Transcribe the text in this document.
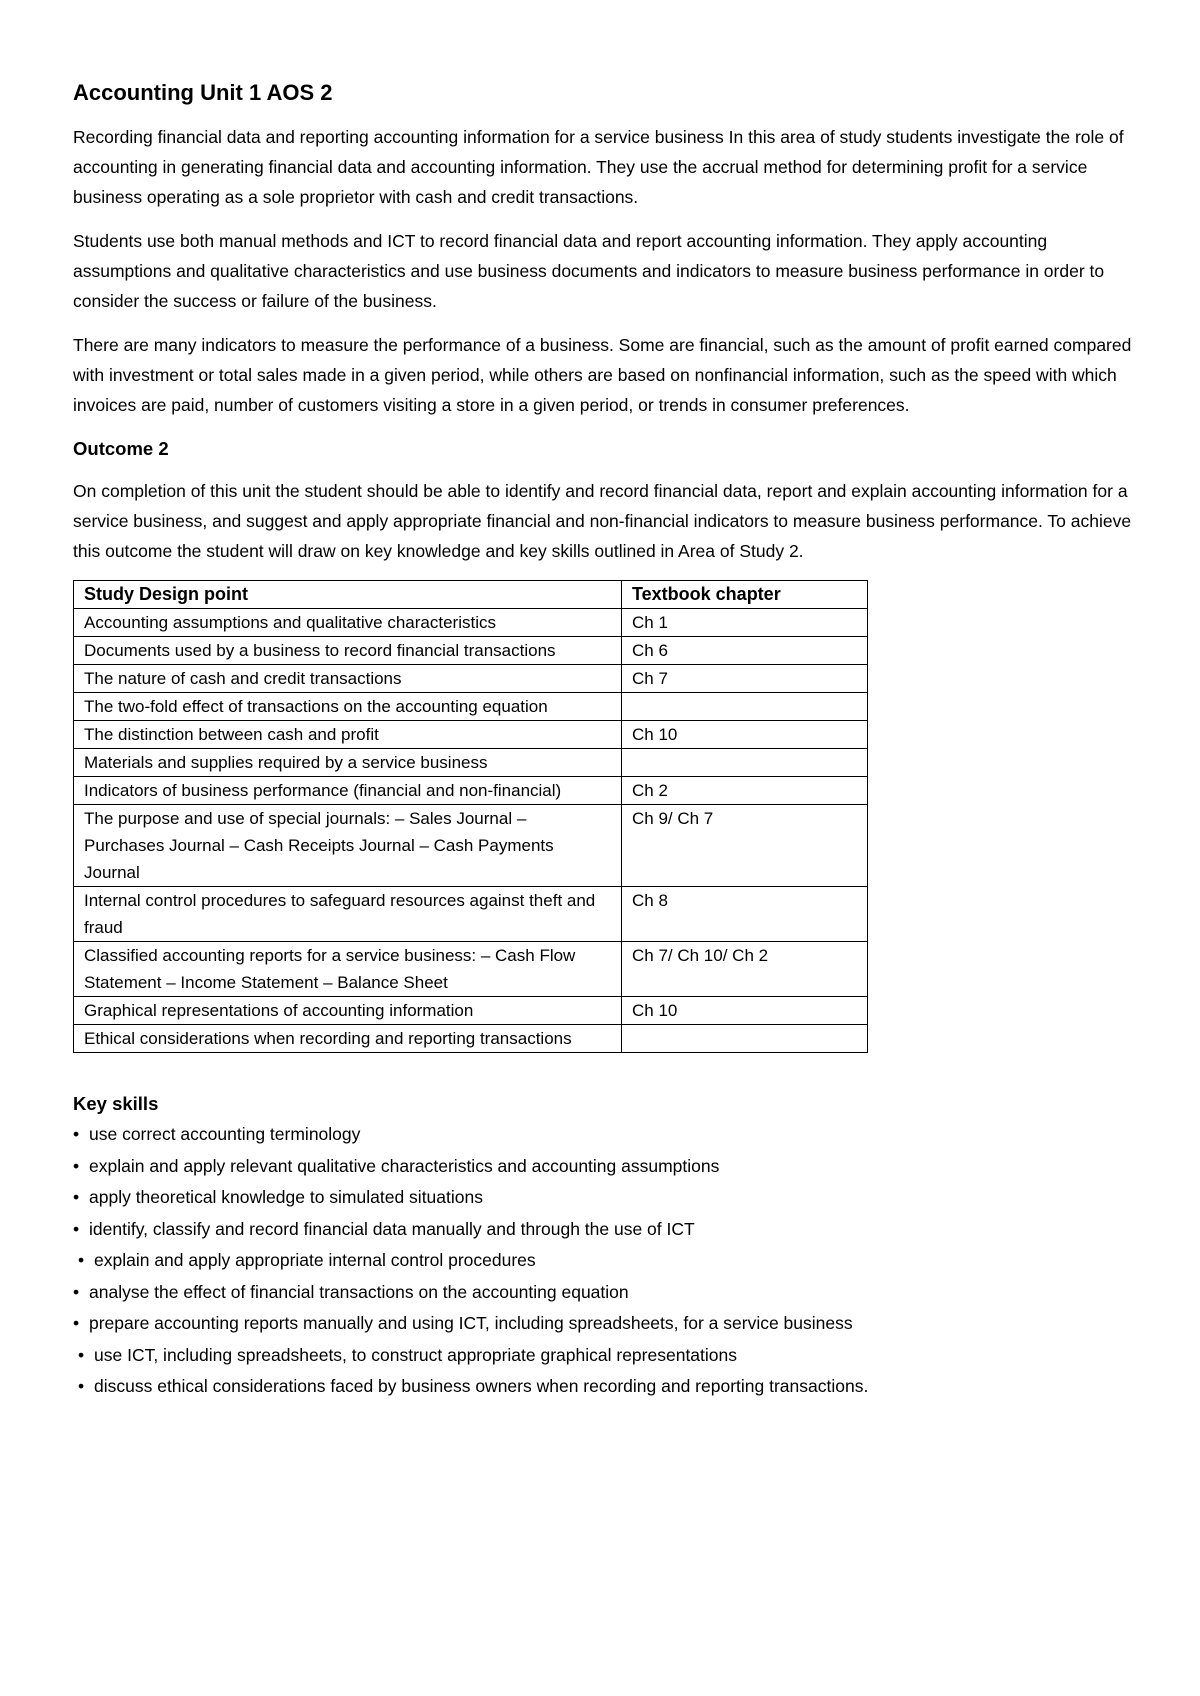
Accounting Unit 1 AOS 2

Recording financial data and reporting accounting information for a service business In this area of study students investigate the role of accounting in generating financial data and accounting information. They use the accrual method for determining profit for a service business operating as a sole proprietor with cash and credit transactions.

Students use both manual methods and ICT to record financial data and report accounting information. They apply accounting assumptions and qualitative characteristics and use business documents and indicators to measure business performance in order to consider the success or failure of the business.

There are many indicators to measure the performance of a business. Some are financial, such as the amount of profit earned compared with investment or total sales made in a given period, while others are based on nonfinancial information, such as the speed with which invoices are paid, number of customers visiting a store in a given period, or trends in consumer preferences.

Outcome 2

On completion of this unit the student should be able to identify and record financial data, report and explain accounting information for a service business, and suggest and apply appropriate financial and non-financial indicators to measure business performance. To achieve this outcome the student will draw on key knowledge and key skills outlined in Area of Study 2.

Study Design point	Textbook chapter
Accounting assumptions and qualitative characteristics	Ch 1
Documents used by a business to record financial transactions	Ch 6
The nature of cash and credit transactions	Ch 7
The two-fold effect of transactions on the accounting equation	
The distinction between cash and profit	Ch 10
Materials and supplies required by a service business	
Indicators of business performance (financial and non-financial)	Ch 2
The purpose and use of special journals: – Sales Journal – Purchases Journal – Cash Receipts Journal – Cash Payments Journal	Ch 9/ Ch 7
Internal control procedures to safeguard resources against theft and fraud	Ch 8
Classified accounting reports for a service business: – Cash Flow Statement – Income Statement – Balance Sheet	Ch 7/ Ch 10/ Ch 2
Graphical representations of accounting information	Ch 10
Ethical considerations when recording and reporting transactions	
Key skills
• use correct accounting terminology
• explain and apply relevant qualitative characteristics and accounting assumptions
• apply theoretical knowledge to simulated situations
• identify, classify and record financial data manually and through the use of ICT
• explain and apply appropriate internal control procedures
• analyse the effect of financial transactions on the accounting equation
• prepare accounting reports manually and using ICT, including spreadsheets, for a service business
• use ICT, including spreadsheets, to construct appropriate graphical representations
• discuss ethical considerations faced by business owners when recording and reporting transactions.
